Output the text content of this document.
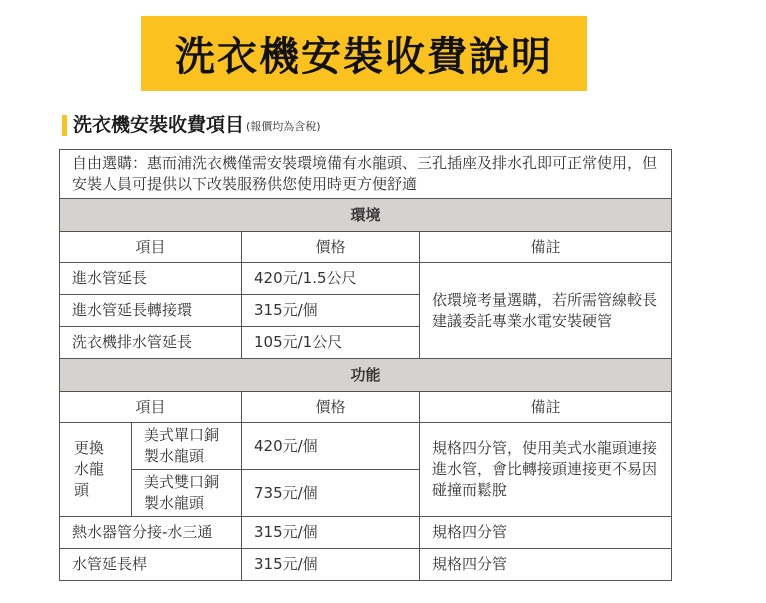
洗衣機安裝收費說明
洗衣機安裝收費項目 (報價均為含稅)
自由選購：惠而浦洗衣機僅需安裝環境備有水龍頭、三孔插座及排水孔即可正常使用，但安裝人員可提供以下改裝服務供您使用時更方便舒適			
環境			
項目		價格	備註
進水管延長		420元/1.5公尺	依環境考量選購，若所需管線較長建議委託專業水電安裝硬管
進水管延長轉接環		315元/個	
洗衣機排水管延長		105元/1公尺	
功能			
項目		價格	備註
更換水龍頭	美式單口銅製水龍頭	420元/個	規格四分管，使用美式水龍頭連接進水管，會比轉接頭連接更不易因碰撞而鬆脫
	美式雙口銅製水龍頭	735元/個	
熱水器管分接-水三通		315元/個	規格四分管
水管延長桿		315元/個	規格四分管
